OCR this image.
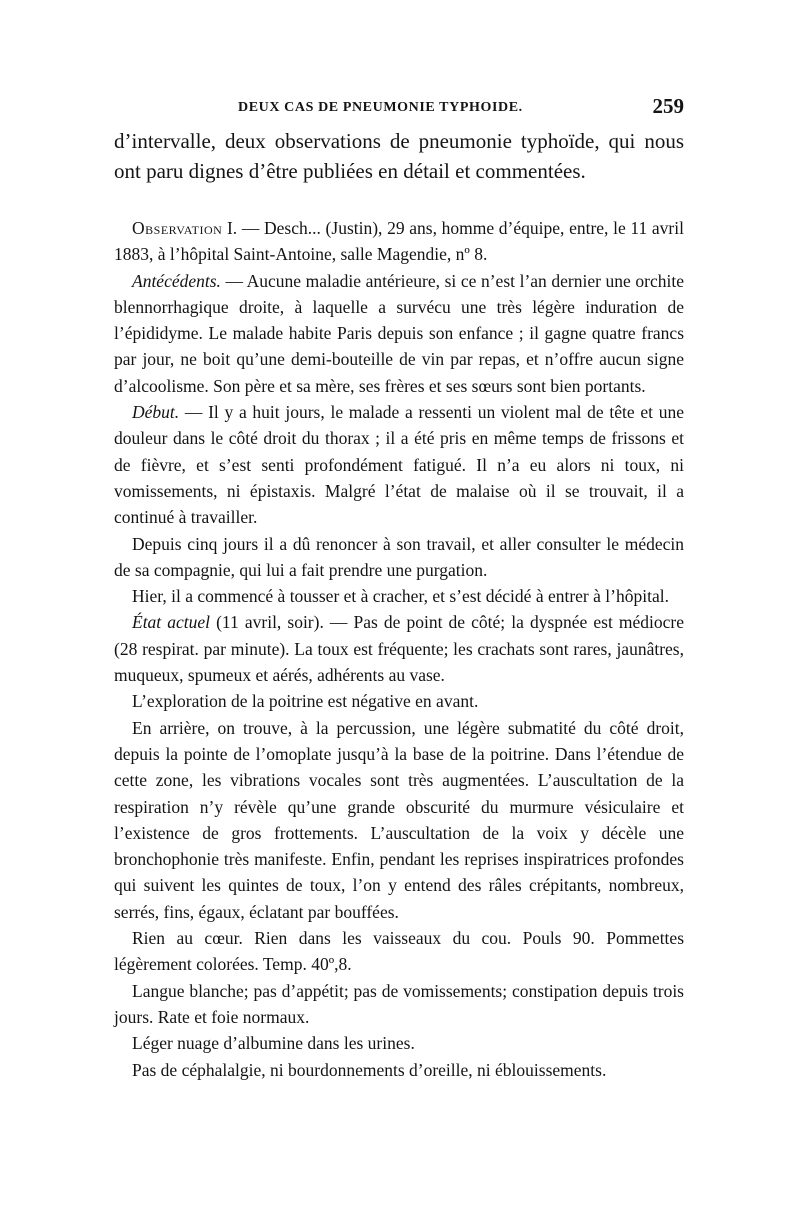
DEUX CAS DE PNEUMONIE TYPHOIDE.	259

d’intervalle, deux observations de pneumonie typhoïde, qui nous ont paru dignes d’être publiées en détail et commentées.

Observation I. — Desch... (Justin), 29 ans, homme d’équipe, entre, le 11 avril 1883, à l’hôpital Saint-Antoine, salle Magendie, nº 8.

Antécédents. — Aucune maladie antérieure, si ce n’est l’an dernier une orchite blennorrhagique droite, à laquelle a survécu une très légère induration de l’épididyme. Le malade habite Paris depuis son enfance ; il gagne quatre francs par jour, ne boit qu’une demi-bouteille de vin par repas, et n’offre aucun signe d’alcoolisme. Son père et sa mère, ses frères et ses sœurs sont bien portants.

Début. — Il y a huit jours, le malade a ressenti un violent mal de tête et une douleur dans le côté droit du thorax ; il a été pris en même temps de frissons et de fièvre, et s’est senti profondément fatigué. Il n’a eu alors ni toux, ni vomissements, ni épistaxis. Malgré l’état de malaise où il se trouvait, il a continué à travailler.

Depuis cinq jours il a dû renoncer à son travail, et aller consulter le médecin de sa compagnie, qui lui a fait prendre une purgation.

Hier, il a commencé à tousser et à cracher, et s’est décidé à entrer à l’hôpital.

État actuel (11 avril, soir). — Pas de point de côté; la dyspnée est médiocre (28 respirat. par minute). La toux est fréquente; les crachats sont rares, jaunâtres, muqueux, spumeux et aérés, adhérents au vase.

L’exploration de la poitrine est négative en avant.

En arrière, on trouve, à la percussion, une légère submatité du côté droit, depuis la pointe de l’omoplate jusqu’à la base de la poitrine. Dans l’étendue de cette zone, les vibrations vocales sont très augmentées. L’auscultation de la respiration n’y révèle qu’une grande obscurité du murmure vésiculaire et l’existence de gros frottements. L’auscultation de la voix y décèle une bronchophonie très manifeste. Enfin, pendant les reprises inspiratrices profondes qui suivent les quintes de toux, l’on y entend des râles crépitants, nombreux, serrés, fins, égaux, éclatant par bouffées.

Rien au cœur. Rien dans les vaisseaux du cou. Pouls 90. Pommettes légèrement colorées. Temp. 40º,8.

Langue blanche; pas d’appétit; pas de vomissements; constipation depuis trois jours. Rate et foie normaux.

Léger nuage d’albumine dans les urines.

Pas de céphalalgie, ni bourdonnements d’oreille, ni éblouissements.
